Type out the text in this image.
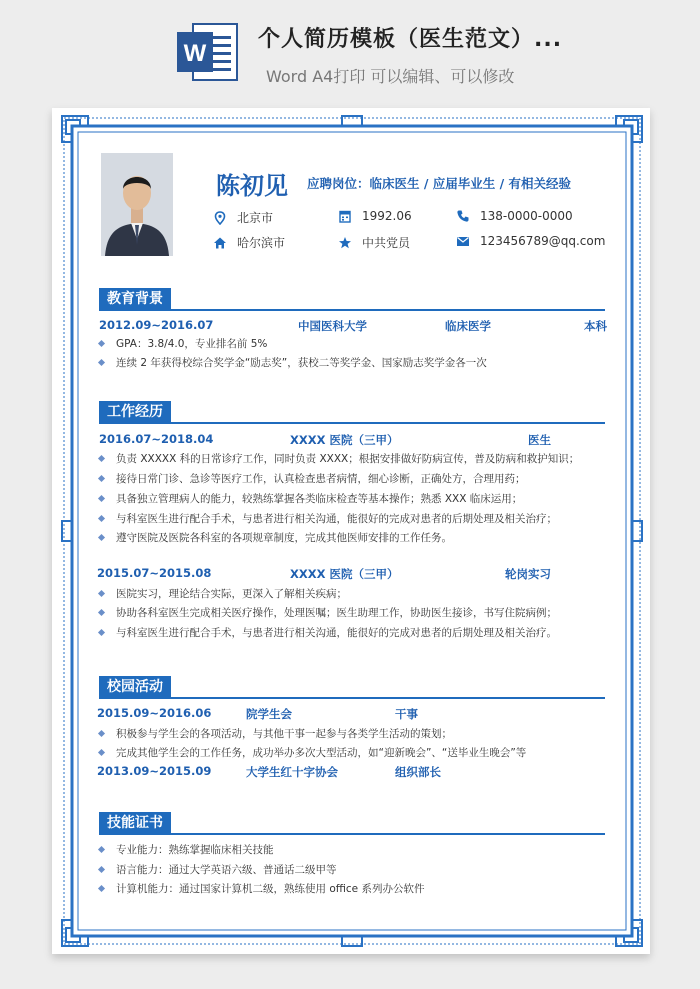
W
个人简历模板（医生范文）...
Word A4打印 可以编辑、可以修改
陈初见 应聘岗位：临床医生 / 应届毕业生 / 有相关经验
北京市	1992.06	138-0000-0000
哈尔滨市	中共党员	123456789@qq.com
教育背景
2012.09~2016.07	中国医科大学	临床医学	本科
GPA：3.8/4.0，专业排名前 5%
连续 2 年获得校综合奖学金“励志奖”，获校二等奖学金、国家励志奖学金各一次
工作经历
2016.07~2018.04	XXXX 医院（三甲）	医生
负责 XXXXX 科的日常诊疗工作，同时负责 XXXX；根据安排做好防病宣传，普及防病和救护知识；
接待日常门诊、急诊等医疗工作，认真检查患者病情，细心诊断，正确处方，合理用药；
具备独立管理病人的能力，较熟练掌握各类临床检查等基本操作；熟悉 XXX 临床运用；
与科室医生进行配合手术，与患者进行相关沟通，能很好的完成对患者的后期处理及相关治疗；
遵守医院及医院各科室的各项规章制度，完成其他医师安排的工作任务。
2015.07~2015.08	XXXX 医院（三甲）	轮岗实习
医院实习，理论结合实际，更深入了解相关疾病；
协助各科室医生完成相关医疗操作，处理医嘱；医生助理工作，协助医生接诊，书写住院病例；
与科室医生进行配合手术，与患者进行相关沟通，能很好的完成对患者的后期处理及相关治疗。
校园活动
2015.09~2016.06	院学生会	干事
积极参与学生会的各项活动，与其他干事一起参与各类学生活动的策划；
完成其他学生会的工作任务，成功举办多次大型活动，如“迎新晚会”、“送毕业生晚会”等
2013.09~2015.09	大学生红十字协会	组织部长
技能证书
专业能力：熟练掌握临床相关技能
语言能力：通过大学英语六级、普通话二级甲等
计算机能力：通过国家计算机二级，熟练使用 office 系列办公软件
